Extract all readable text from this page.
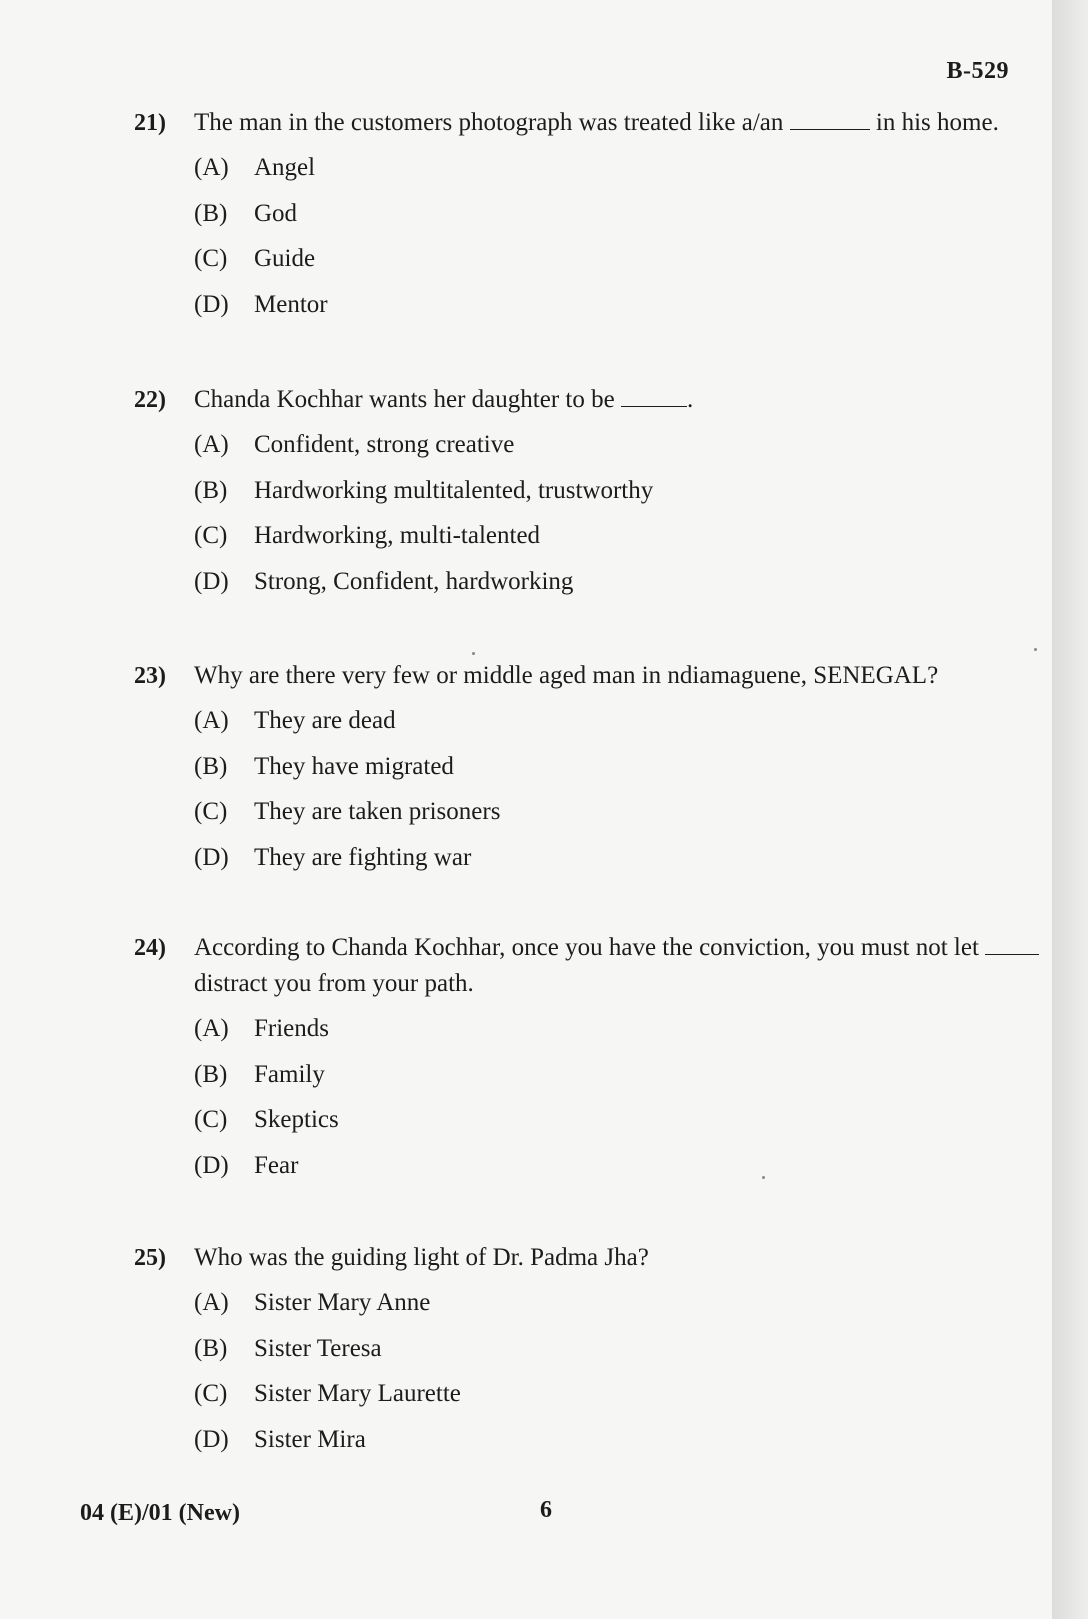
B-529
21) The man in the customers photograph was treated like a/an	in his home.
(A) Angel
(B) God
(C) Guide
(D) Mentor
22) Chanda Kochhar wants her daughter to be	.
(A) Confident, strong creative
(B) Hardworking multitalented, trustworthy
(C) Hardworking, multi-talented
(D) Strong, Confident, hardworking
23) Why are there very few or middle aged man in ndiamaguene, SENEGAL?
(A) They are dead
(B) They have migrated
(C) They are taken prisoners
(D) They are fighting war
24) According to Chanda Kochhar, once you have the conviction, you must not let  distract you from your path.
(A) Friends
(B) Family
(C) Skeptics
(D) Fear
25) Who was the guiding light of Dr. Padma Jha?
(A) Sister Mary Anne
(B) Sister Teresa
(C) Sister Mary Laurette
(D) Sister Mira
04 (E)/01 (New)	6
